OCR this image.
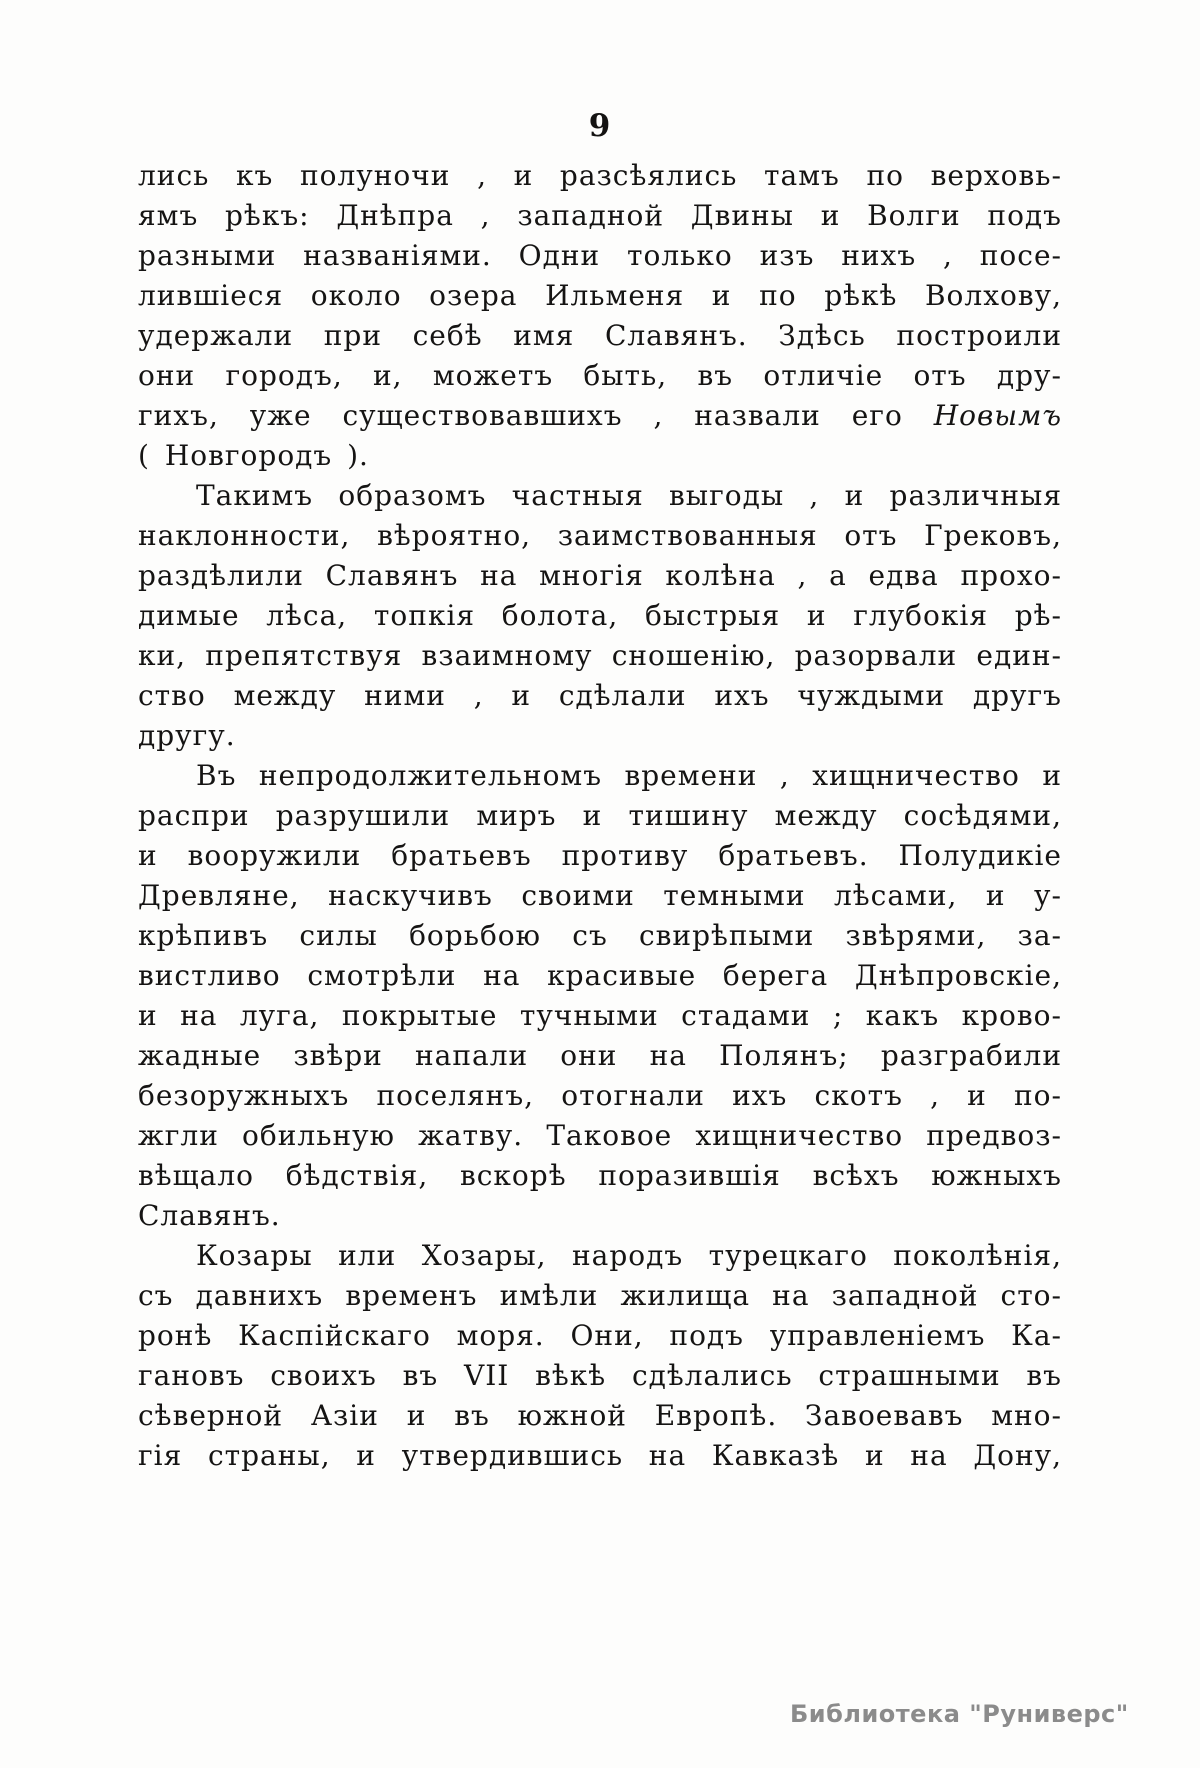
9
лись къ полуночи , и разсѣялись тамъ по верховь-
ямъ рѣкъ: Днѣпра , западной Двины и Волги подъ
разными названіями. Одни только изъ нихъ , посе-
лившіеся около озера Ильменя и по рѣкѣ Волхову,
удержали при себѣ имя Славянъ. Здѣсь построили
они городъ, и, можетъ быть, въ отличіе отъ дру-
гихъ, уже существовавшихъ , назвали его Новымъ
( Новгородъ ).
Такимъ образомъ частныя выгоды , и различныя
наклонности, вѣроятно, заимствованныя отъ Грековъ,
раздѣлили Славянъ на многія колѣна , а едва прохо-
димые лѣса, топкія болота, быстрыя и глубокія рѣ-
ки, препятствуя взаимному сношенію, разорвали един-
ство между ними , и сдѣлали ихъ чуждыми другъ
другу.
Въ непродолжительномъ времени , хищничество и
распри разрушили миръ и тишину между сосѣдями,
и вооружили братьевъ противу братьевъ. Полудикіе
Древляне, наскучивъ своими темными лѣсами, и у-
крѣпивъ силы борьбою съ свирѣпыми звѣрями, за-
вистливо смотрѣли на красивые берега Днѣпровскіе,
и на луга, покрытые тучными стадами ; какъ крово-
жадные звѣри напали они на Полянъ; разграбили
безоружныхъ поселянъ, отогнали ихъ скотъ , и по-
жгли обильную жатву. Таковое хищничество предвоз-
вѣщало бѣдствія, вскорѣ поразившія всѣхъ южныхъ
Славянъ.
Козары или Хозары, народъ турецкаго поколѣнія,
съ давнихъ временъ имѣли жилища на западной сто-
ронѣ Каспійскаго моря. Они, подъ управленіемъ Ка-
гановъ своихъ въ VII вѣкѣ сдѣлались страшными въ
сѣверной Азіи и въ южной Европѣ. Завоевавъ мно-
гія страны, и утвердившись на Кавказѣ и на Дону,
Библиотека "Руниверс"
